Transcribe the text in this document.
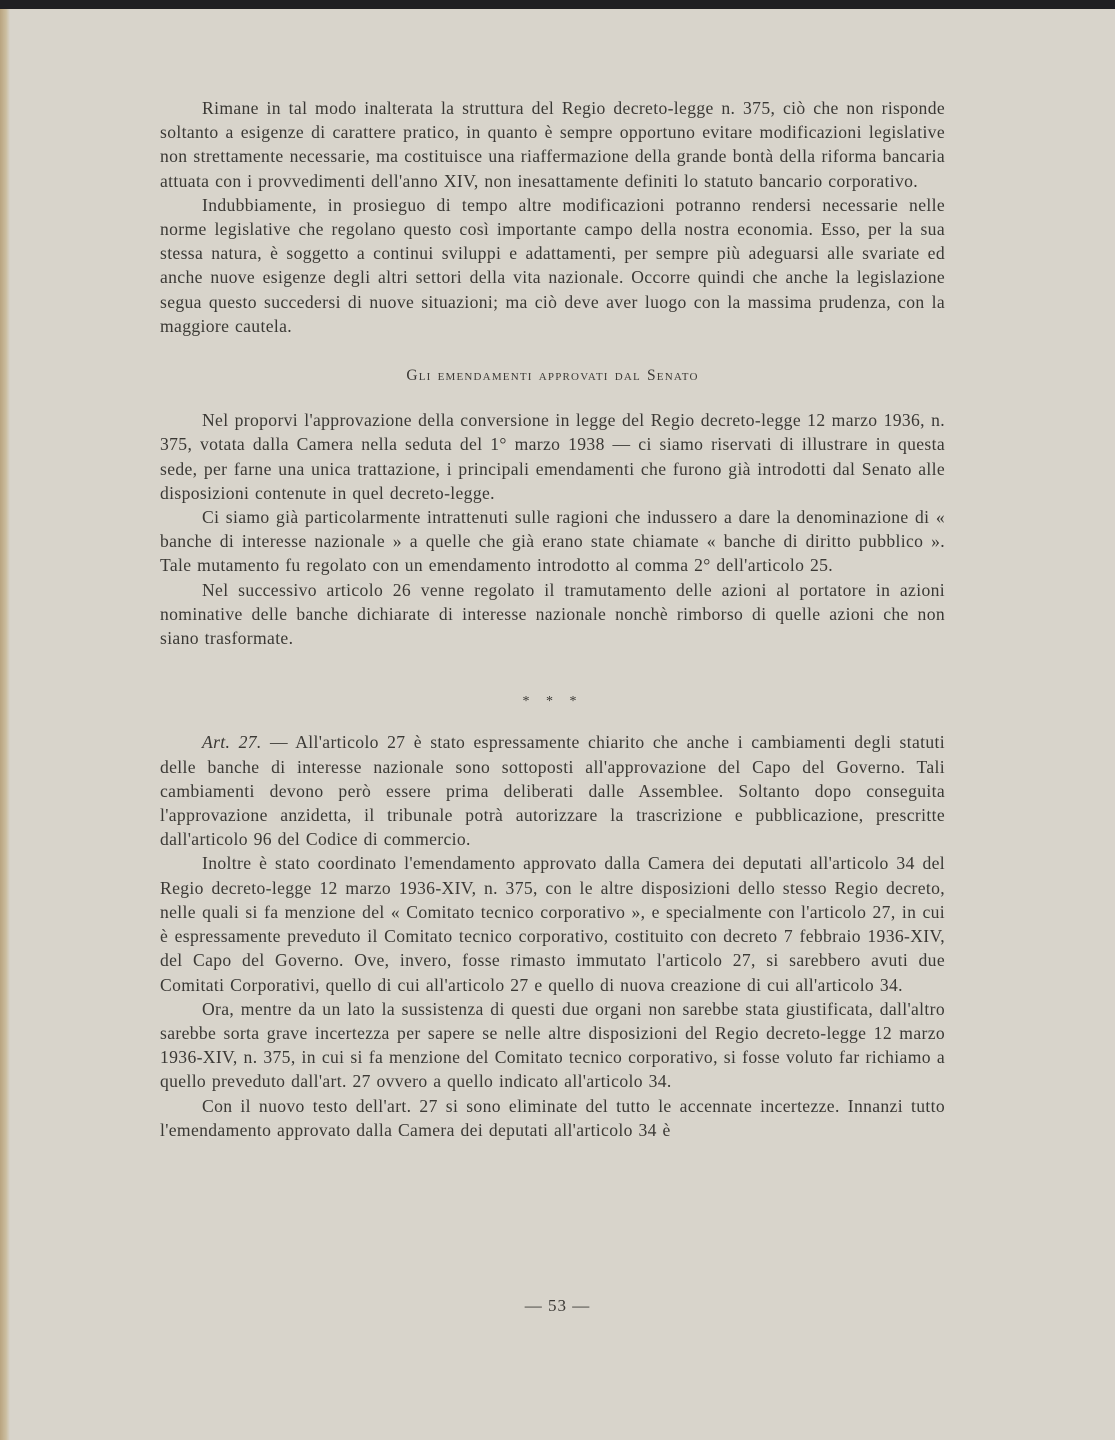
Rimane in tal modo inalterata la struttura del Regio decreto-legge n. 375, ciò che non risponde soltanto a esigenze di carattere pratico, in quanto è sempre opportuno evitare modificazioni legislative non strettamente necessarie, ma costituisce una riaffermazione della grande bontà della riforma bancaria attuata con i provvedimenti dell'anno XIV, non inesattamente definiti lo statuto bancario corporativo.

Indubbiamente, in prosieguo di tempo altre modificazioni potranno rendersi necessarie nelle norme legislative che regolano questo così importante campo della nostra economia. Esso, per la sua stessa natura, è soggetto a continui sviluppi e adattamenti, per sempre più adeguarsi alle svariate ed anche nuove esigenze degli altri settori della vita nazionale. Occorre quindi che anche la legislazione segua questo succedersi di nuove situazioni; ma ciò deve aver luogo con la massima prudenza, con la maggiore cautela.

Gli emendamenti approvati dal Senato

Nel proporvi l'approvazione della conversione in legge del Regio decreto-legge 12 marzo 1936, n. 375, votata dalla Camera nella seduta del 1° marzo 1938 — ci siamo riservati di illustrare in questa sede, per farne una unica trattazione, i principali emendamenti che furono già introdotti dal Senato alle disposizioni contenute in quel decreto-legge.

Ci siamo già particolarmente intrattenuti sulle ragioni che indussero a dare la denominazione di « banche di interesse nazionale » a quelle che già erano state chiamate « banche di diritto pubblico ». Tale mutamento fu regolato con un emendamento introdotto al comma 2° dell'articolo 25.

Nel successivo articolo 26 venne regolato il tramutamento delle azioni al portatore in azioni nominative delle banche dichiarate di interesse nazionale nonchè rimborso di quelle azioni che non siano trasformate.

* * *

Art. 27. — All'articolo 27 è stato espressamente chiarito che anche i cambiamenti degli statuti delle banche di interesse nazionale sono sottoposti all'approvazione del Capo del Governo. Tali cambiamenti devono però essere prima deliberati dalle Assemblee. Soltanto dopo conseguita l'approvazione anzidetta, il tribunale potrà autorizzare la trascrizione e pubblicazione, prescritte dall'articolo 96 del Codice di commercio.

Inoltre è stato coordinato l'emendamento approvato dalla Camera dei deputati all'articolo 34 del Regio decreto-legge 12 marzo 1936-XIV, n. 375, con le altre disposizioni dello stesso Regio decreto, nelle quali si fa menzione del « Comitato tecnico corporativo », e specialmente con l'articolo 27, in cui è espressamente preveduto il Comitato tecnico corporativo, costituito con decreto 7 febbraio 1936-XIV, del Capo del Governo. Ove, invero, fosse rimasto immutato l'articolo 27, si sarebbero avuti due Comitati Corporativi, quello di cui all'articolo 27 e quello di nuova creazione di cui all'articolo 34.

Ora, mentre da un lato la sussistenza di questi due organi non sarebbe stata giustificata, dall'altro sarebbe sorta grave incertezza per sapere se nelle altre disposizioni del Regio decreto-legge 12 marzo 1936-XIV, n. 375, in cui si fa menzione del Comitato tecnico corporativo, si fosse voluto far richiamo a quello preveduto dall'art. 27 ovvero a quello indicato all'articolo 34.

Con il nuovo testo dell'art. 27 si sono eliminate del tutto le accennate incertezze. Innanzi tutto l'emendamento approvato dalla Camera dei deputati all'articolo 34 è

— 53 —
